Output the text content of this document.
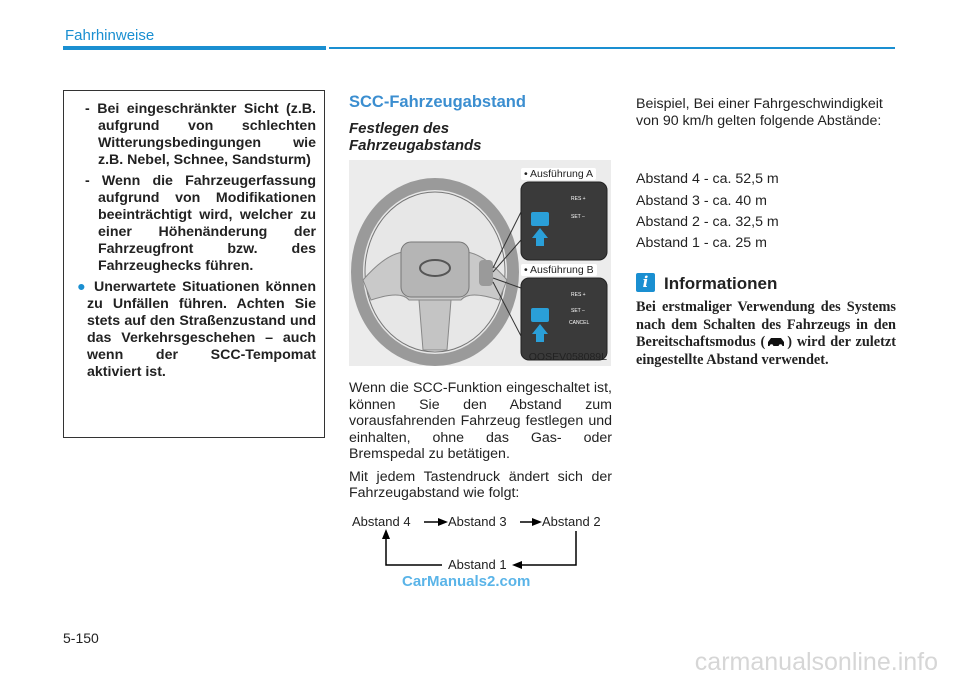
Fahrhinweise

- Bei eingeschränkter Sicht (z.B. aufgrund von schlechten Witterungsbedingungen wie z.B. Nebel, Schnee, Sandsturm)

- Wenn die Fahrzeugerfassung aufgrund von Modifikationen beeinträchtigt wird, welcher zu einer Höhenänderung der Fahrzeugfront bzw. des Fahrzeughecks führen.

● Unerwartete Situationen können zu Unfällen führen. Achten Sie stets auf den Straßenzustand und das Verkehrsgeschehen – auch wenn der SCC-Tempomat aktiviert ist.

SCC-Fahrzeugabstand
Festlegen des Fahrzeugabstands
RES +
SET –
RES +
SET –
CANCEL
• Ausführung A
• Ausführung B
OOSEV058089L

Wenn die SCC-Funktion eingeschaltet ist, können Sie den Abstand zum vorausfahrenden Fahrzeug festlegen und einhalten, ohne das Gas- oder Bremspedal zu betätigen.

Mit jedem Tastendruck ändert sich der Fahrzeugabstand wie folgt:

Abstand 4	Abstand 3	Abstand 2
Abstand 1

Beispiel, Bei einer Fahrgeschwindigkeit von 90 km/h gelten folgende Abstände:

Abstand 4 - ca. 52,5 m
Abstand 3 - ca. 40 m
Abstand 2 - ca. 32,5 m
Abstand 1 - ca. 25 m
i Informationen
Bei erstmaliger Verwendung des Systems nach dem Schalten des Fahrzeugs in den Bereitschaftsmodus ( ) wird der zuletzt eingestellte Abstand verwendet.
CarManuals2.com
5-150
carmanualsonline.info
